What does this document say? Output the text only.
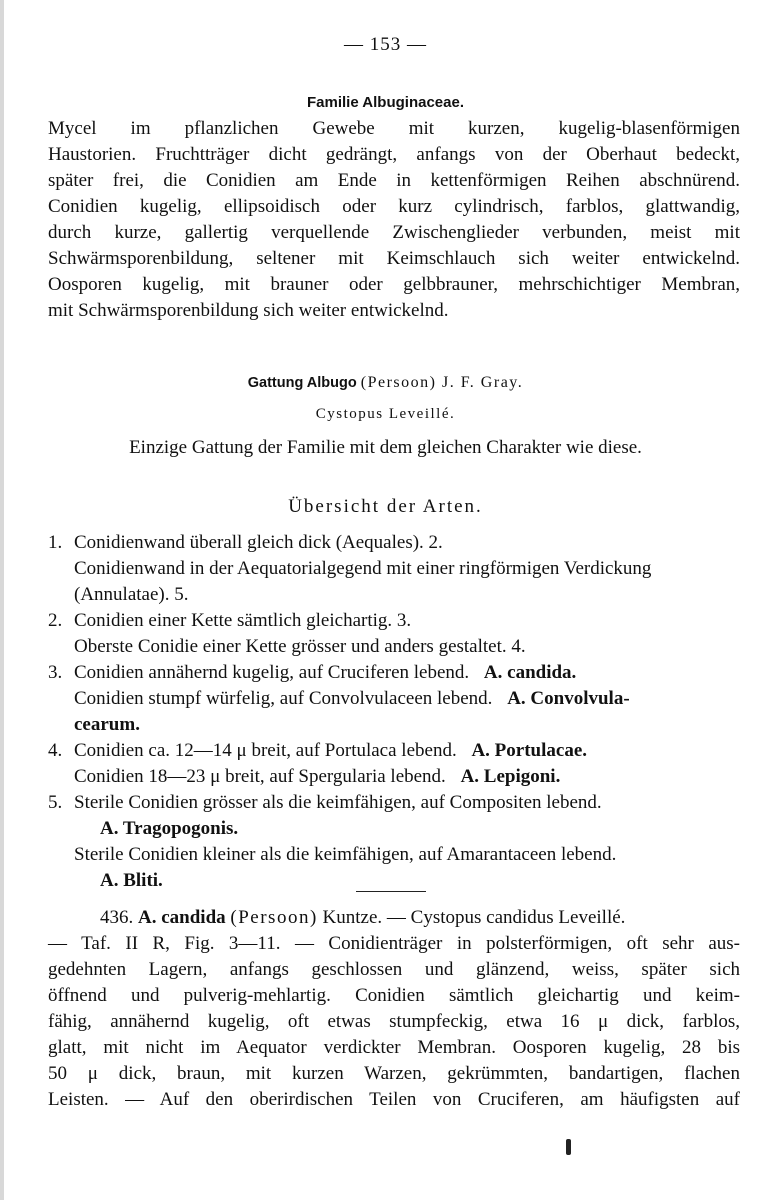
— 153 —
Familie Albuginaceae.
Mycel im pflanzlichen Gewebe mit kurzen, kugelig-blasenförmigen
Haustorien. Fruchtträger dicht gedrängt, anfangs von der Oberhaut bedeckt,
später frei, die Conidien am Ende in kettenförmigen Reihen abschnürend.
Conidien kugelig, ellipsoidisch oder kurz cylindrisch, farblos, glattwandig,
durch kurze, gallertig verquellende Zwischenglieder verbunden, meist mit
Schwärmsporenbildung, seltener mit Keimschlauch sich weiter entwickelnd.
Oosporen kugelig, mit brauner oder gelbbrauner, mehrschichtiger Membran,
mit Schwärmsporenbildung sich weiter entwickelnd.
Gattung Albugo (Persoon) J. F. Gray.
Cystopus Leveillé.
Einzige Gattung der Familie mit dem gleichen Charakter wie diese.
Übersicht der Arten.
1. Conidienwand überall gleich dick (Aequales). 2.
Conidienwand in der Aequatorialgegend mit einer ringförmigen Verdickung
(Annulatae). 5.
2. Conidien einer Kette sämtlich gleichartig. 3.
Oberste Conidie einer Kette grösser und anders gestaltet. 4.
3. Conidien annähernd kugelig, auf Cruciferen lebend. A. candida.
Conidien stumpf würfelig, auf Convolvulaceen lebend. A. Convolvula-
cearum.
4. Conidien ca. 12—14 μ breit, auf Portulaca lebend. A. Portulacae.
Conidien 18—23 μ breit, auf Spergularia lebend. A. Lepigoni.
5. Sterile Conidien grösser als die keimfähigen, auf Compositen lebend.
A. Tragopogonis.
Sterile Conidien kleiner als die keimfähigen, auf Amarantaceen lebend.
A. Bliti.
436. A. candida (Persoon) Kuntze. — Cystopus candidus Leveillé.
— Taf. II R, Fig. 3—11. — Conidienträger in polsterförmigen, oft sehr aus-
gedehnten Lagern, anfangs geschlossen und glänzend, weiss, später sich
öffnend und pulverig-mehlartig. Conidien sämtlich gleichartig und keim-
fähig, annähernd kugelig, oft etwas stumpfeckig, etwa 16 μ dick, farblos,
glatt, mit nicht im Aequator verdickter Membran. Oosporen kugelig, 28 bis
50 μ dick, braun, mit kurzen Warzen, gekrümmten, bandartigen, flachen
Leisten. — Auf den oberirdischen Teilen von Cruciferen, am häufigsten auf
